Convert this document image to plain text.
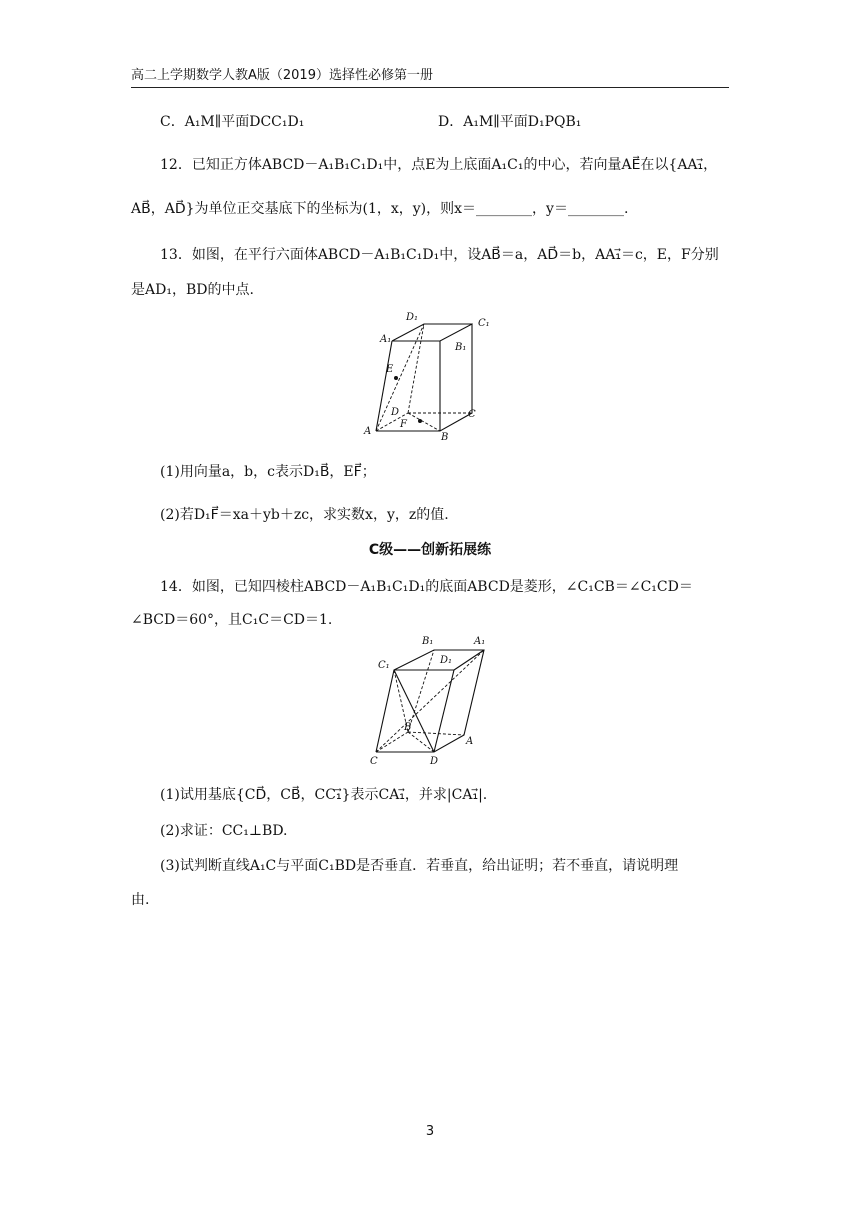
高二上学期数学人教A版（2019）选择性必修第一册
C．A₁M∥平面DCC₁D₁	D．A₁M∥平面D₁PQB₁
12．已知正方体ABCD－A₁B₁C₁D₁中，点E为上底面A₁C₁的中心，若向量AE⃗在以{AA₁⃗，
AB⃗，AD⃗}为单位正交基底下的坐标为(1，x，y)，则x＝________，y＝________.
13．如图，在平行六面体ABCD－A₁B₁C₁D₁中，设AB⃗＝a，AD⃗＝b，AA₁⃗＝c，E，F分别
是AD₁，BD的中点.
A₁
D₁
C₁
B₁
E
D	C
F
A
B
(1)用向量a，b，c表示D₁B⃗，EF⃗；
(2)若D₁F⃗＝xa＋yb＋zc，求实数x，y，z的值.
C级——创新拓展练
14．如图，已知四棱柱ABCD－A₁B₁C₁D₁的底面ABCD是菱形，∠C₁CB＝∠C₁CD＝
∠BCD＝60°，且C₁C＝CD＝1.
B₁	A₁
D₁
C₁
B
A
C	D
(1)试用基底{CD⃗，CB⃗，CC₁⃗}表示CA₁⃗，并求|CA₁⃗|.
(2)求证：CC₁⊥BD.
(3)试判断直线A₁C与平面C₁BD是否垂直．若垂直，给出证明；若不垂直，请说明理
由.
3
